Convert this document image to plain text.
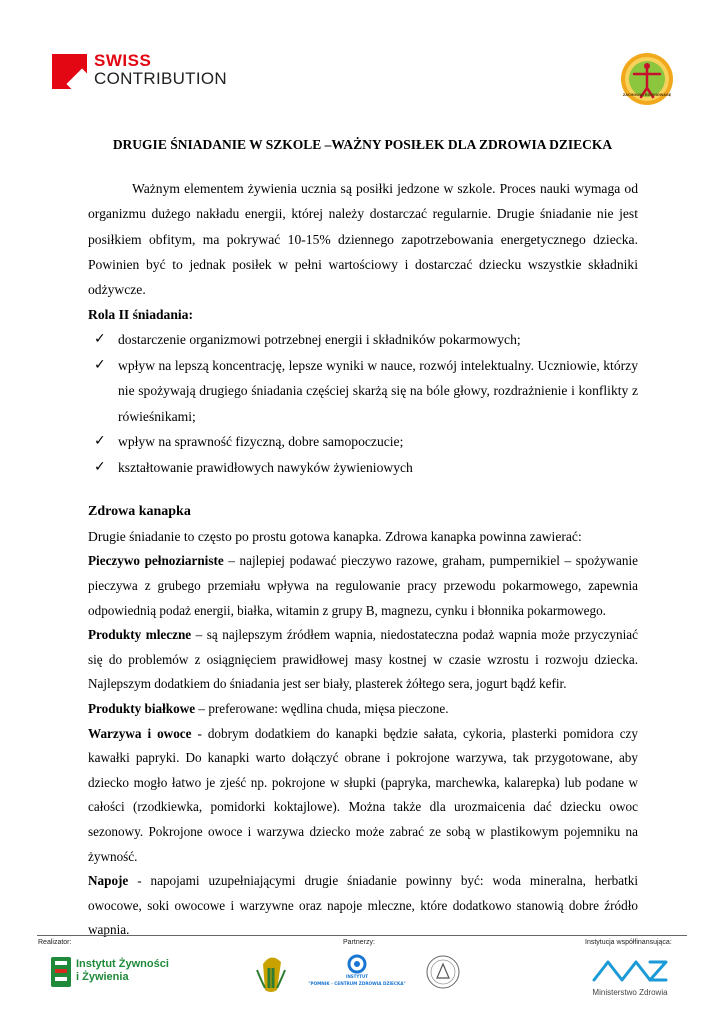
SWISS
CONTRIBUTION
ZACHOWAJ RÓWNOWAGĘ
DRUGIE ŚNIADANIE W SZKOLE –WAŻNY POSIŁEK DLA ZDROWIA DZIECKA

Ważnym elementem żywienia ucznia są posiłki jedzone w szkole. Proces nauki wymaga od organizmu dużego nakładu energii, której należy dostarczać regularnie. Drugie śniadanie nie jest posiłkiem obfitym, ma pokrywać 10-15% dziennego zapotrzebowania energetycznego dziecka. Powinien być to jednak posiłek w pełni wartościowy i dostarczać dziecku wszystkie składniki odżywcze.

Rola II śniadania:

✓ dostarczenie organizmowi potrzebnej energii i składników pokarmowych;
✓ wpływ na lepszą koncentrację, lepsze wyniki w nauce, rozwój intelektualny. Uczniowie, którzy nie spożywają drugiego śniadania częściej skarżą się na bóle głowy, rozdrażnienie i konflikty z rówieśnikami;
✓ wpływ na sprawność fizyczną, dobre samopoczucie;
✓ kształtowanie prawidłowych nawyków żywieniowych

Zdrowa kanapka

Drugie śniadanie to często po prostu gotowa kanapka. Zdrowa kanapka powinna zawierać:

Pieczywo pełnoziarniste – najlepiej podawać pieczywo razowe, graham, pumpernikiel – spożywanie pieczywa z grubego przemiału wpływa na regulowanie pracy przewodu pokarmowego, zapewnia odpowiednią podaż energii, białka, witamin z grupy B, magnezu, cynku i błonnika pokarmowego.

Produkty mleczne – są najlepszym źródłem wapnia, niedostateczna podaż wapnia może przyczyniać się do problemów z osiągnięciem prawidłowej masy kostnej w czasie wzrostu i rozwoju dziecka. Najlepszym dodatkiem do śniadania jest ser biały, plasterek żółtego sera, jogurt bądź kefir.

Produkty białkowe – preferowane: wędlina chuda, mięsa pieczone.

Warzywa i owoce - dobrym dodatkiem do kanapki będzie sałata, cykoria, plasterki pomidora czy kawałki papryki. Do kanapki warto dołączyć obrane i pokrojone warzywa, tak przygotowane, aby dziecko mogło łatwo je zjeść np. pokrojone w słupki (papryka, marchewka, kalarepka) lub podane w całości (rzodkiewka, pomidorki koktajlowe). Można także dla urozmaicenia dać dziecku owoc sezonowy. Pokrojone owoce i warzywa dziecko może zabrać ze sobą w plastikowym pojemniku na żywność.

Napoje - napojami uzupełniającymi drugie śniadanie powinny być: woda mineralna, herbatki owocowe, soki owocowe i warzywne oraz napoje mleczne, które dodatkowo stanowią dobre źródło wapnia.

Realizator:	Partnerzy:	Instytucja współfinansująca:
Instytut Żywności
i Żywienia	INSTYTUT
"POMNIK - CENTRUM ZDROWIA DZIECKA"
Ministerstwo Zdrowia
